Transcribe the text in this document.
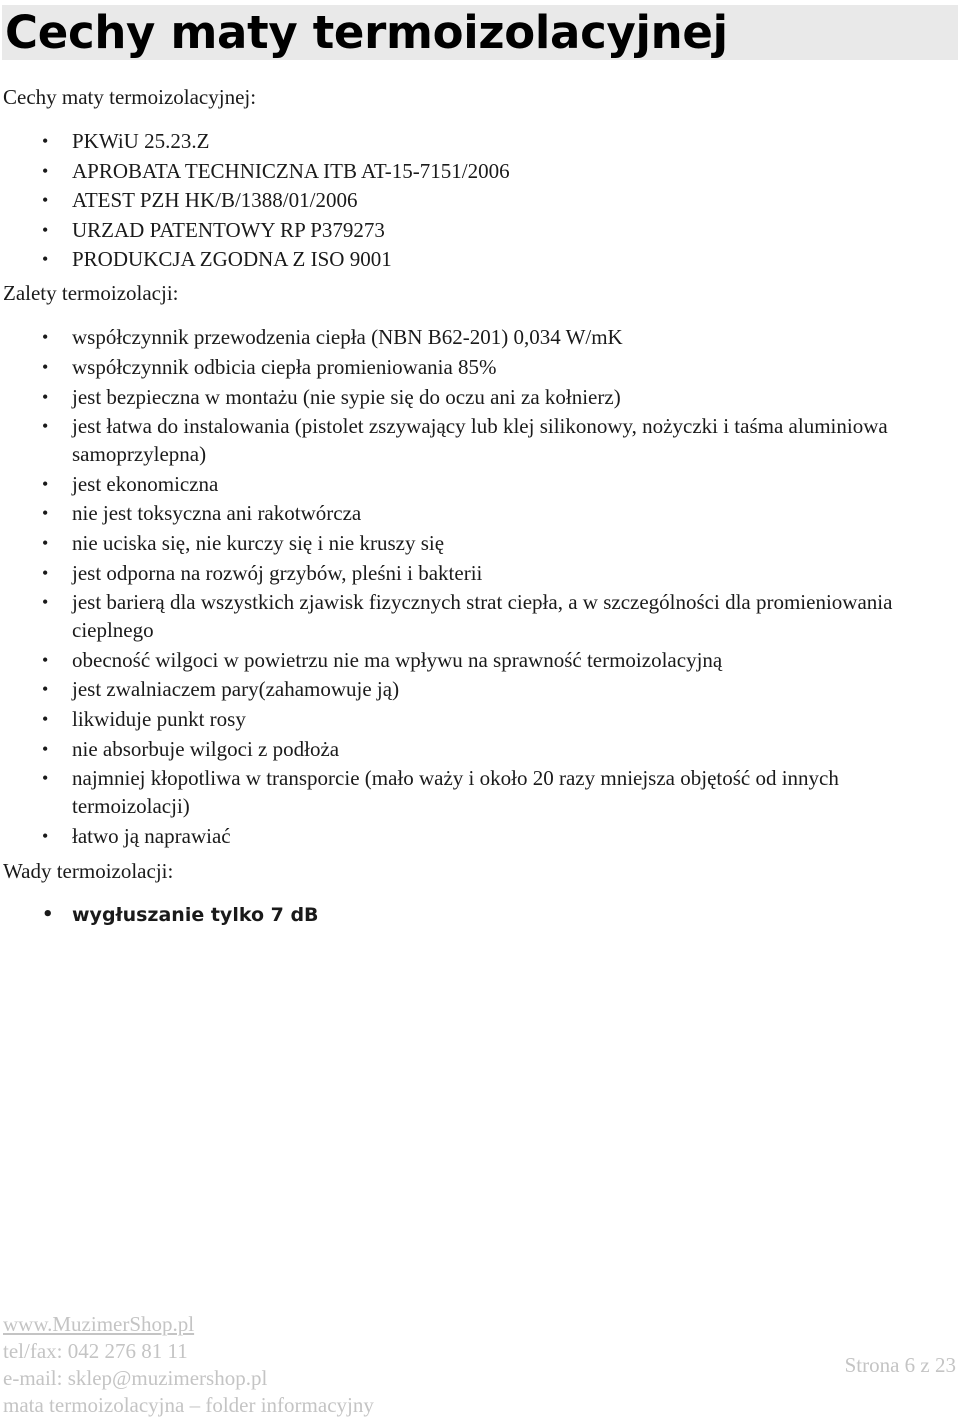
Cechy maty termoizolacyjnej

Cechy maty termoizolacyjnej:

• PKWiU 25.23.Z
• APROBATA TECHNICZNA ITB AT-15-7151/2006
• ATEST PZH HK/B/1388/01/2006
• URZAD PATENTOWY RP P379273
• PRODUKCJA ZGODNA Z ISO 9001

Zalety termoizolacji:

• współczynnik przewodzenia ciepła (NBN B62-201) 0,034 W/mK
• współczynnik odbicia ciepła promieniowania 85%
• jest bezpieczna w montażu (nie sypie się do oczu ani za kołnierz)
• jest łatwa do instalowania (pistolet zszywający lub klej silikonowy, nożyczki i taśma aluminiowa samoprzylepna)
• jest ekonomiczna
• nie jest toksyczna ani rakotwórcza
• nie uciska się, nie kurczy się i nie kruszy się
• jest odporna na rozwój grzybów, pleśni i bakterii
• jest barierą dla wszystkich zjawisk fizycznych strat ciepła, a w szczególności dla promieniowania cieplnego
• obecność wilgoci w powietrzu nie ma wpływu na sprawność termoizolacyjną
• jest zwalniaczem pary(zahamowuje ją)
• likwiduje punkt rosy
• nie absorbuje wilgoci z podłoża
• najmniej kłopotliwa w transporcie (mało waży i około 20 razy mniejsza objętość od innych termoizolacji)
• łatwo ją naprawiać

Wady termoizolacji:

• wygłuszanie tylko 7 dB
www.MuzimerShop.pl
tel/fax: 042 276 81 11
e-mail: sklep@muzimershop.pl
mata termoizolacyjna – folder informacyjny
Strona 6 z 23
